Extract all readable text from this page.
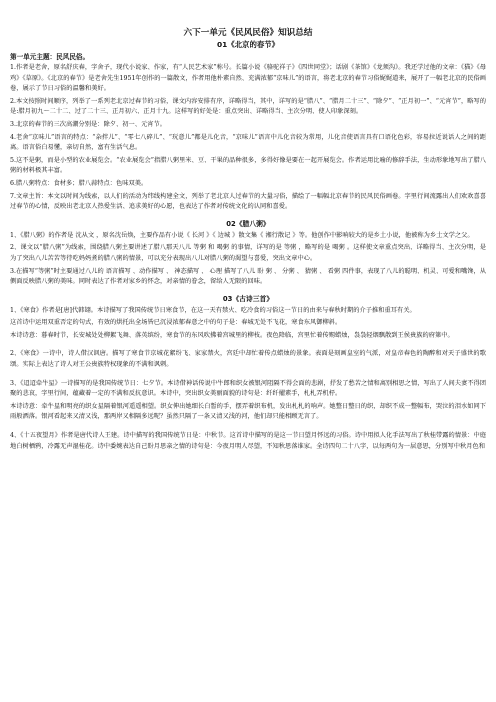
六下一单元《民风民俗》知识总结
01《北京的春节》
第一单元主题：民风民俗。

1.作者是老舍，原名舒庆春，字舍予，现代小说家、作家，有“人民艺术家”称号。长篇小说《骆驼祥子》《四世同堂》；话剧《茶馆》《龙须沟》。我还学过他的文章：《猫》《母鸡》《草原》。《北京的春节》是老舍先生1951年创作的一篇散文，作者用他朴素自然、充满浓郁“京味儿”的语言，将老北京的春节习俗娓娓道来，展开了一幅老北京的民俗画卷，展示了节日习俗的温馨和美好。

2.本文按照时间顺序，列举了一系列老北京过春节的习俗，课文内容安排有序，详略得当，其中，详写的是“腊八”、“腊月二十三”、“除夕”、“正月初一”、“元宵节”，略写的是:腊月初九～二十二、过了二十三、正月初六、正月十九。这样写的好处是：重点突出、详略得当、主次分明、使人印象深刻。

3.北京的春节的三次高潮分别是：除夕、初一、元宵节。

4.老舍“京味儿”语言的特点：“杂拌儿”、“零七八碎儿”、“玩意儿”都是儿化音，“京味儿”语言中儿化音较为常用，儿化音使语言具有口语化色彩，容易拉近说话人之间的距离。语言俗白易懂，亲切自然，富有生活气息。

5.这不是粥，而是小型的农业展览会。“农业展览会”指腊八粥里米、豆、干果的品种很多，多得好像是要在一起开展览会。作者运用比喻的修辞手法，生动形象地写出了腊八粥的材料极其丰富。

6.腊八粥特点：食材多；腊八蒜特点：色味双美。

7.文章主旨：本文以时间为线索，以人们的活动为纬线构建全文，列举了老北京人过春节的大量习俗，描绘了一幅幅北京春节的民风民俗画卷。字里行间流露出人们欢欢喜喜过春节的心情，反映出老北京人热爱生活、追求美好的心愿，也表达了作者对传统文化的认同和喜爱。

02《腊八粥》

1、《腊八粥》的作者是 沈从文 ，原名沈岳焕，主要作品有小说《 长河 》《 边城 》散文集《 湘行散记 》等。他创作中影响较大的是乡土小说，他被称为乡土文学之父。

2、课文以“腊八粥”为线索，围绕腊八粥主要讲述了腊八那天八儿 等粥 和 喝粥 的事情，详写的是 等粥 ，略写的是 喝粥 。这样使文章重点突出、详略得当、主次分明，是为了突出八儿苦苦等待吃妈妈煮的腊八粥的情景，可以充分表现出八儿对腊八粥的渴望与喜爱，突出文章中心。

3.在描写“等粥”时主要通过八儿的 语言描写 、动作描写 、 神态描写 、 心理 描写了八儿 盼 粥 、 分粥 、 猜粥 、 看粥 四件事，表现了八儿的聪明、机灵、可爱和嘴馋，从侧面反映腊八粥的美味。同时表达了作者对家乡的怀念，对亲情的眷念，留给人无限的回味。

03《古诗三首》

1、《寒食》作者是[唐]代韩翃。本诗描写了我国传统节日寒食节，在这一天有禁火、吃冷食的习俗这一节日的由来与春秋时期的介子推和重耳有关。

这首诗中运用双重否定的句式，有效的烘托出全场皆已沉浸浓郁春意之中的句子是：春城无处不飞花，寒食东风御柳斜。

本诗诗意：暮春时节，长安城处处柳絮飞舞、落英缤纷，寒食节的东风吹拂着宫城里的柳枝。夜色降临，宫里忙着传赐蜡烛，袅袅轻烟飘散到王侯贵族的府第中。

2、《寒食》一诗中，诗人借汉讽唐。描写了寒食节京城花絮纷飞、家家禁火，宫廷中却忙着传点蜡烛的景象。表面是刻画皇室的气派，对皇帝春色的陶醉和对天子盛世的歌颂。实际上表达了诗人对王公贵族特权现象的不满和讽刺。

3、《迢迢牵牛星》一诗描写的是我国传统节日：七夕节。本诗借神话传说中牛郎和织女被银河阻隔不得会面的悲剧，抒发了愁苦之情和离别相思之情，写出了人间夫妻不得团聚的悲哀，字里行间，蕴藏着一定的不满和反抗意识。本诗中，突出织女美丽面貌的诗句是：纤纤擢素手，札札弄机杼。

本诗诗意：牵牛星和明亮的织女星隔着银河遥遥相望。织女伸出她细长白皙的手，摆弄着织布机，发出札札的响声。她整日整日的织，却织不成一整幅布，哭泣的泪水如同下雨般洒落。银河看起来又清又浅，那两岸又相隔多远呢？虽然只隔了一条又清又浅的河，他们却只能相顾无言了。

4、《十五夜望月》作者是唐代诗人王建。诗中描写的我国传统节日是：中秋节。这首诗中描写的是这一节日望月怀远的习俗。诗中用拟人化手法写出了秋桂带露的情景：中庭地白树栖鸦，冷露无声湿桂花。诗中委婉表达自己盼月思亲之情的诗句是：今夜月明人尽望，不知秋思落谁家。全诗四句二十八字，以每两句为一层意思，分别写中秋月色和
